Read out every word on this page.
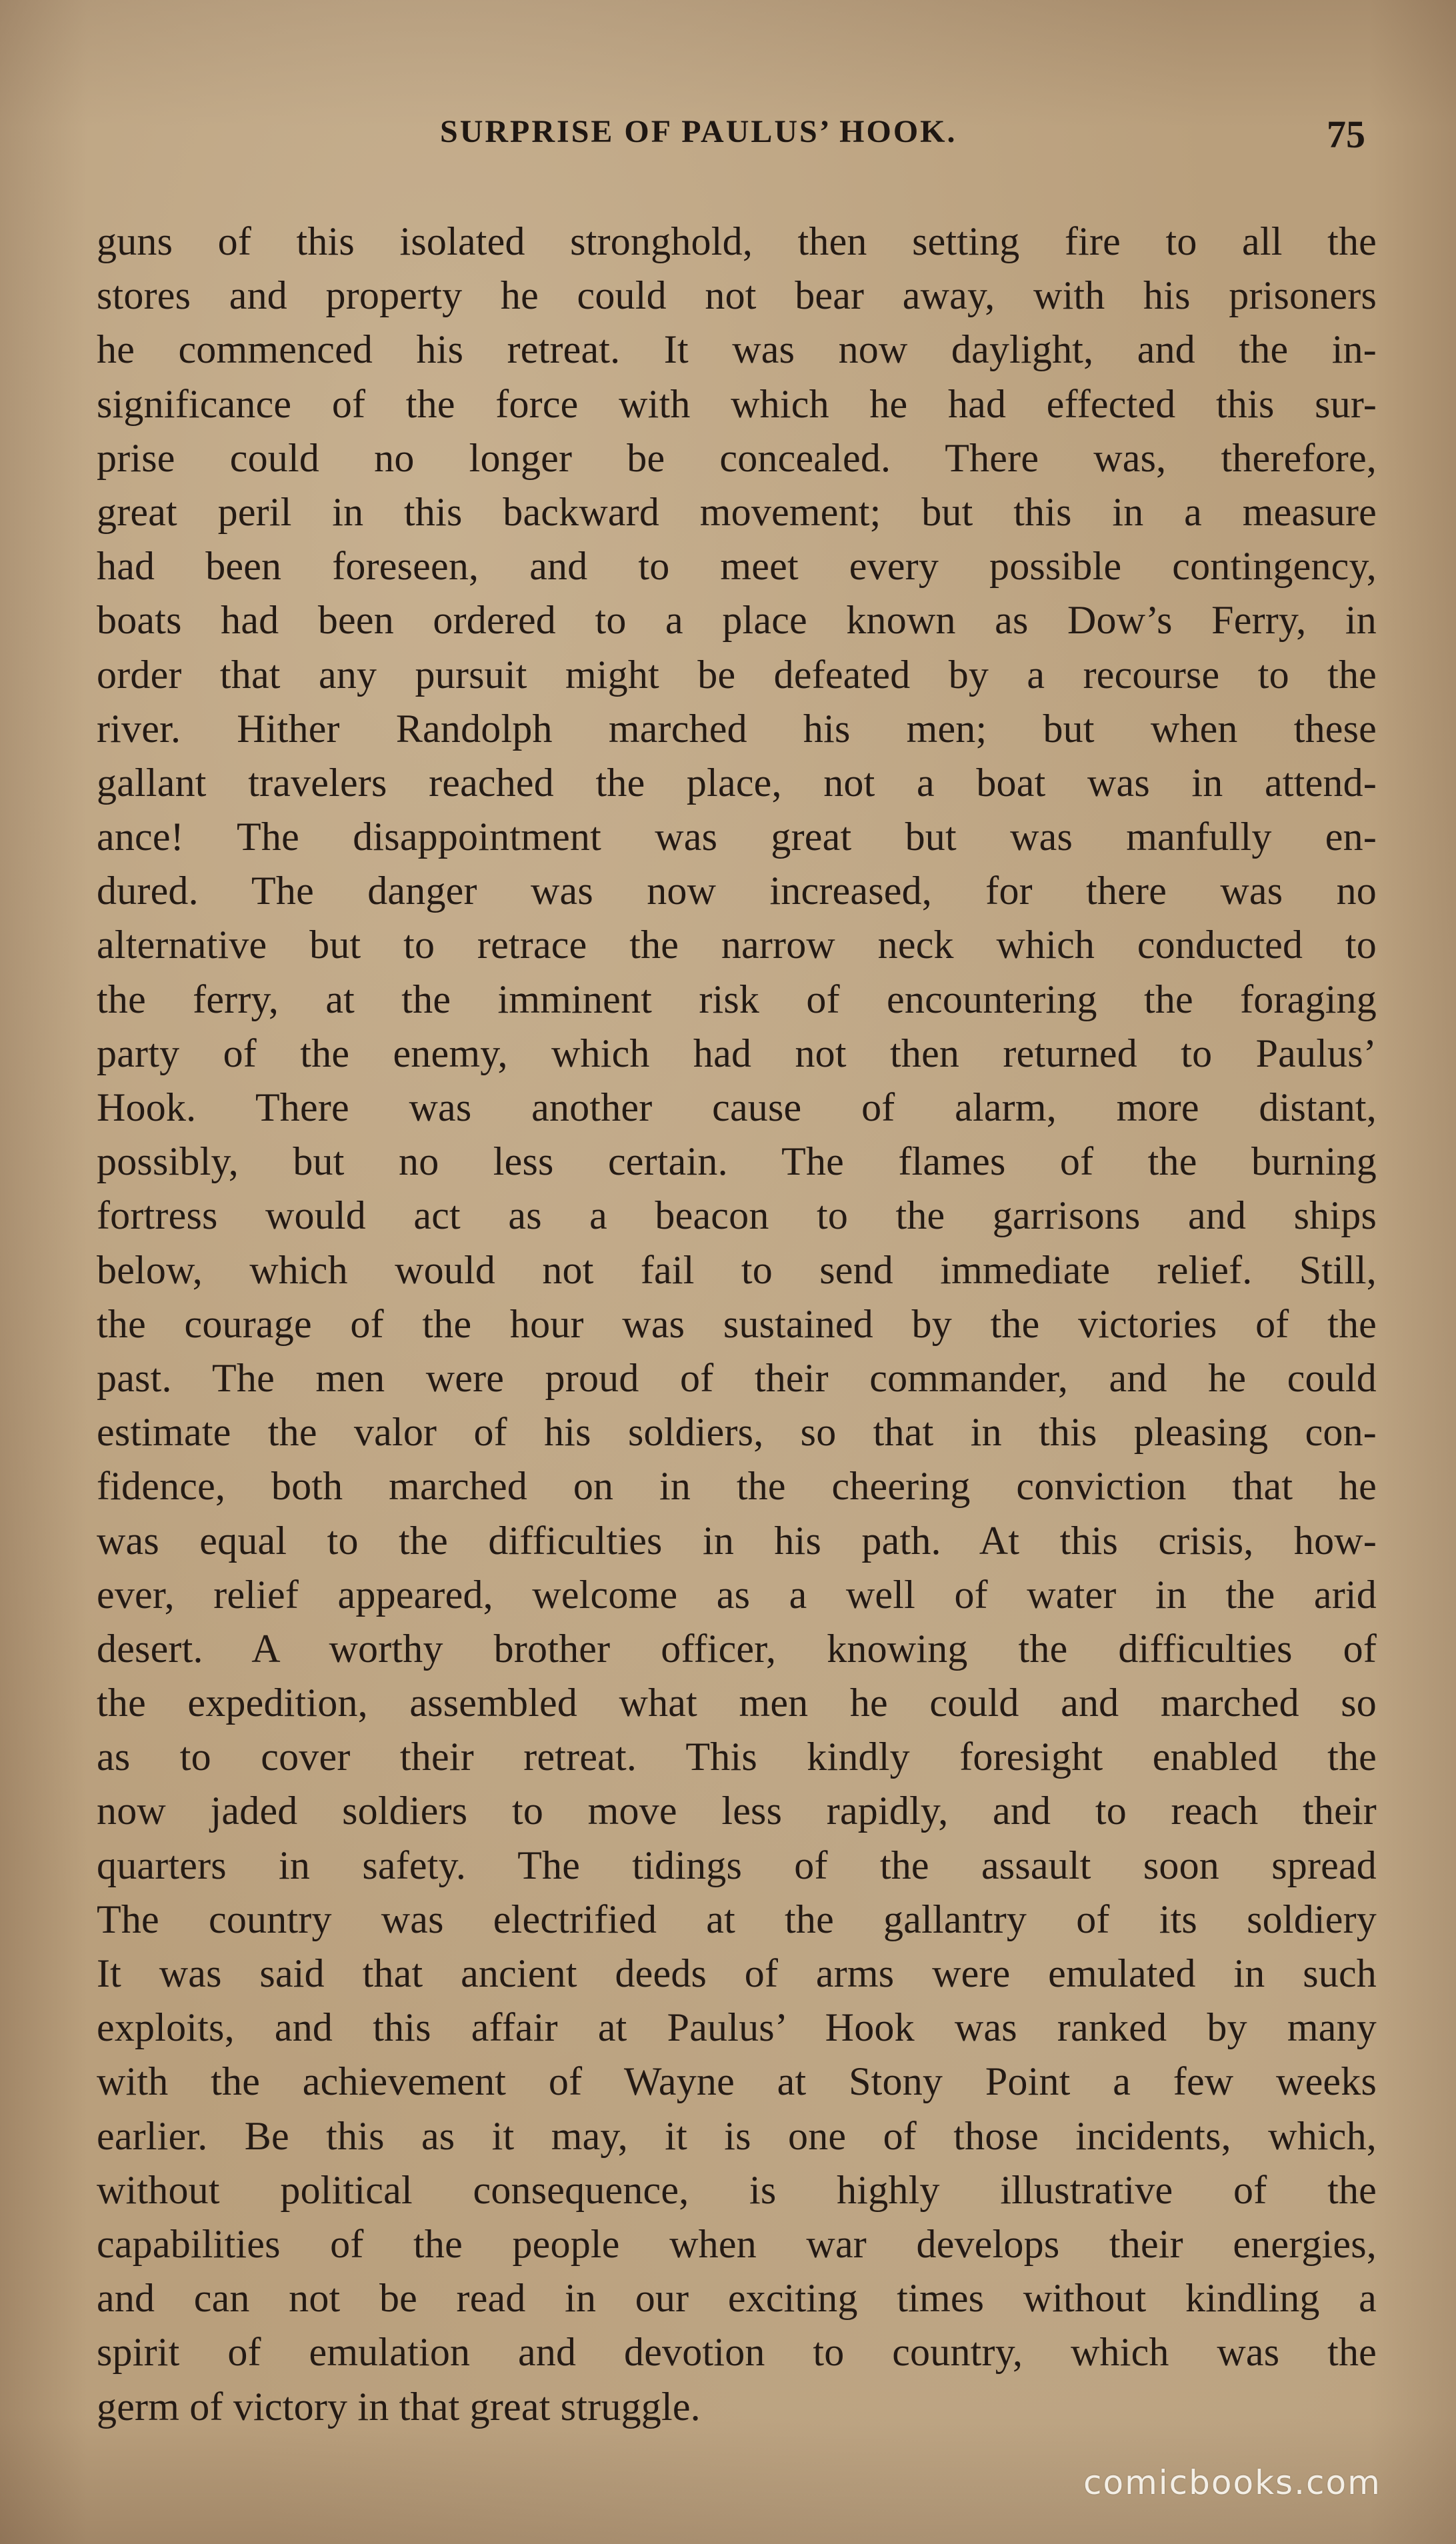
SURPRISE OF PAULUS’ HOOK.	75
guns of this isolated stronghold, then setting fire to all the
stores and property he could not bear away, with his prisoners
he commenced his retreat. It was now daylight, and the in-
significance of the force with which he had effected this sur-
prise could no longer be concealed. There was, therefore,
great peril in this backward movement; but this in a measure
had been foreseen, and to meet every possible contingency,
boats had been ordered to a place known as Dow’s Ferry, in
order that any pursuit might be defeated by a recourse to the
river. Hither Randolph marched his men; but when these
gallant travelers reached the place, not a boat was in attend-
ance! The disappointment was great but was manfully en-
dured. The danger was now increased, for there was no
alternative but to retrace the narrow neck which conducted to
the ferry, at the imminent risk of encountering the foraging
party of the enemy, which had not then returned to Paulus’
Hook. There was another cause of alarm, more distant,
possibly, but no less certain. The flames of the burning
fortress would act as a beacon to the garrisons and ships
below, which would not fail to send immediate relief. Still,
the courage of the hour was sustained by the victories of the
past. The men were proud of their commander, and he could
estimate the valor of his soldiers, so that in this pleasing con-
fidence, both marched on in the cheering conviction that he
was equal to the difficulties in his path. At this crisis, how-
ever, relief appeared, welcome as a well of water in the arid
desert. A worthy brother officer, knowing the difficulties of
the expedition, assembled what men he could and marched so
as to cover their retreat. This kindly foresight enabled the
now jaded soldiers to move less rapidly, and to reach their
quarters in safety. The tidings of the assault soon spread
The country was electrified at the gallantry of its soldiery
It was said that ancient deeds of arms were emulated in such
exploits, and this affair at Paulus’ Hook was ranked by many
with the achievement of Wayne at Stony Point a few weeks
earlier. Be this as it may, it is one of those incidents, which,
without political consequence, is highly illustrative of the
capabilities of the people when war develops their energies,
and can not be read in our exciting times without kindling a
spirit of emulation and devotion to country, which was the
germ of victory in that great struggle.
comicbooks.com
